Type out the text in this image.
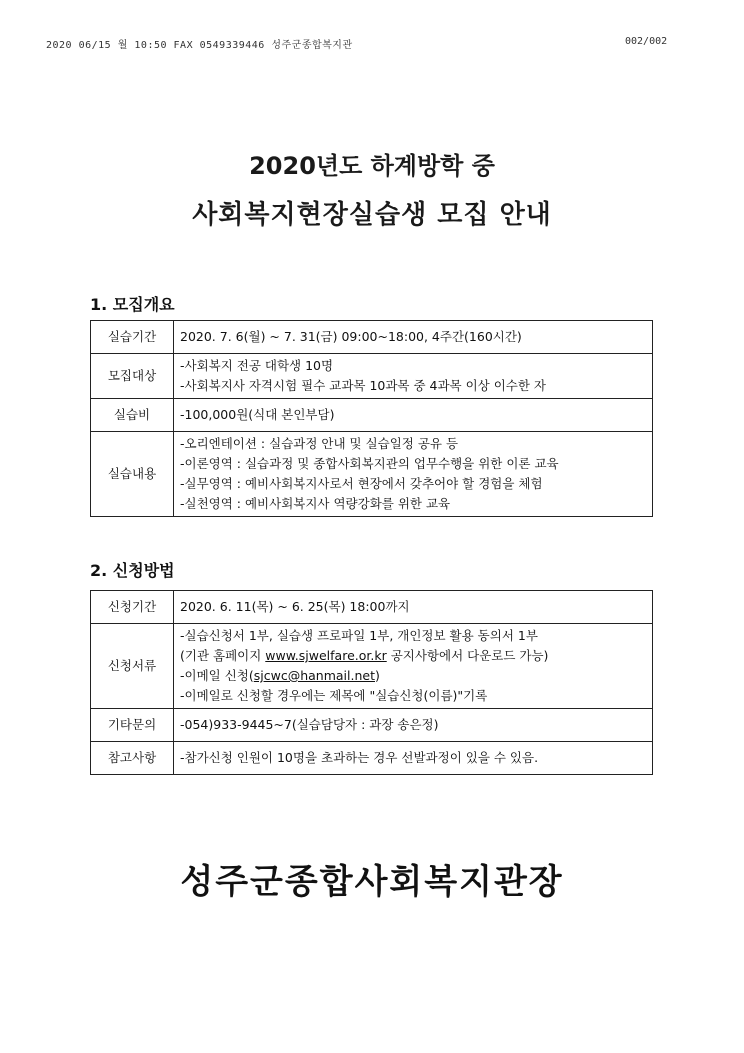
2020 06/15 월 10:50 FAX 0549339446 성주군종합복지관	002/002
2020년도 하계방학 중
사회복지현장실습생 모집 안내
1. 모집개요
실습기간	2020. 7. 6(월) ~ 7. 31(금) 09:00~18:00, 4주간(160시간)

모집대상	-사회복지 전공 대학생 10명
-사회복지사 자격시험 필수 교과목 10과목 중 4과목 이상 이수한 자

실습비	-100,000원(식대 본인부담)

실습내용	-오리엔테이션 : 실습과정 안내 및 실습일정 공유 등
-이론영역 : 실습과정 및 종합사회복지관의 업무수행을 위한 이론 교육
-실무영역 : 예비사회복지사로서 현장에서 갖추어야 할 경험을 체험
-실천영역 : 예비사회복지사 역량강화를 위한 교육
2. 신청방법
신청기간	2020. 6. 11(목) ~ 6. 25(목) 18:00까지
신청서류	-실습신청서 1부, 실습생 프로파일 1부, 개인정보 활용 동의서 1부
(기관 홈페이지 www.sjwelfare.or.kr 공지사항에서 다운로드 가능)
-이메일 신청(sjcwc@hanmail.net)
-이메일로 신청할 경우에는 제목에 "실습신청(이름)"기록

기타문의	-054)933-9445~7(실습담당자 : 과장 송은정)
참고사항	-참가신청 인원이 10명을 초과하는 경우 선발과정이 있을 수 있음.
성주군종합사회복지관장
